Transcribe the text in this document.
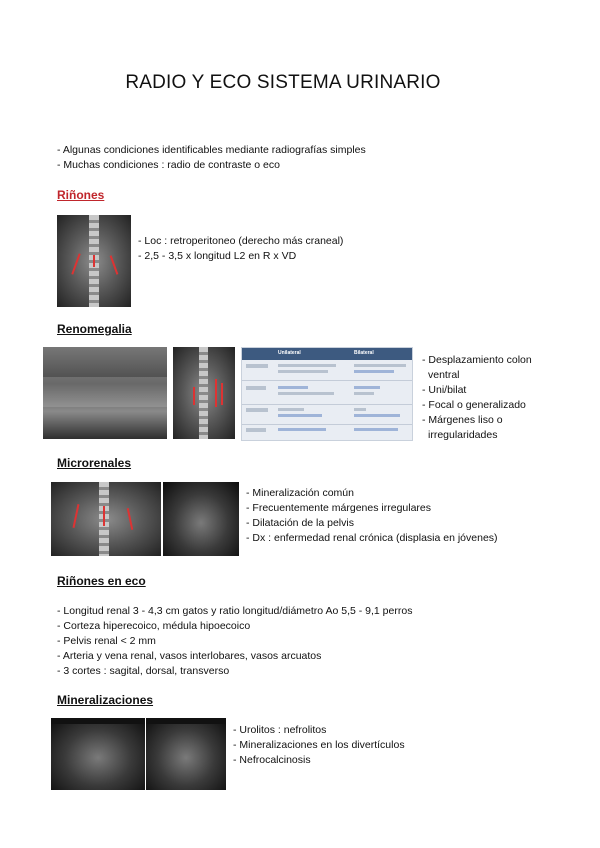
RADIO Y ECO SISTEMA URINARIO
- Algunas condiciones identificables mediante radiografías simples
- Muchas condiciones : radio de contraste o eco
Riñones
- Loc : retroperitoneo (derecho más craneal)
- 2,5 - 3,5 x longitud L2 en R x VD
Renomegalia
Unilateral	Bilateral
- Desplazamiento colon
ventral
- Uni/bilat
- Focal o generalizado
- Márgenes liso o
irregularidades
Microrenales
- Mineralización común
- Frecuentemente márgenes irregulares
- Dilatación de la pelvis
- Dx : enfermedad renal crónica (displasia en jóvenes)
Riñones en eco
- Longitud renal 3 - 4,3 cm gatos y ratio longitud/diámetro Ao 5,5 - 9,1 perros
- Corteza hiperecoico, médula hipoecoico
- Pelvis renal < 2 mm
- Arteria y vena renal, vasos interlobares, vasos arcuatos
- 3 cortes : sagital, dorsal, transverso
Mineralizaciones
- Urolitos : nefrolitos
- Mineralizaciones en los divertículos
- Nefrocalcinosis
